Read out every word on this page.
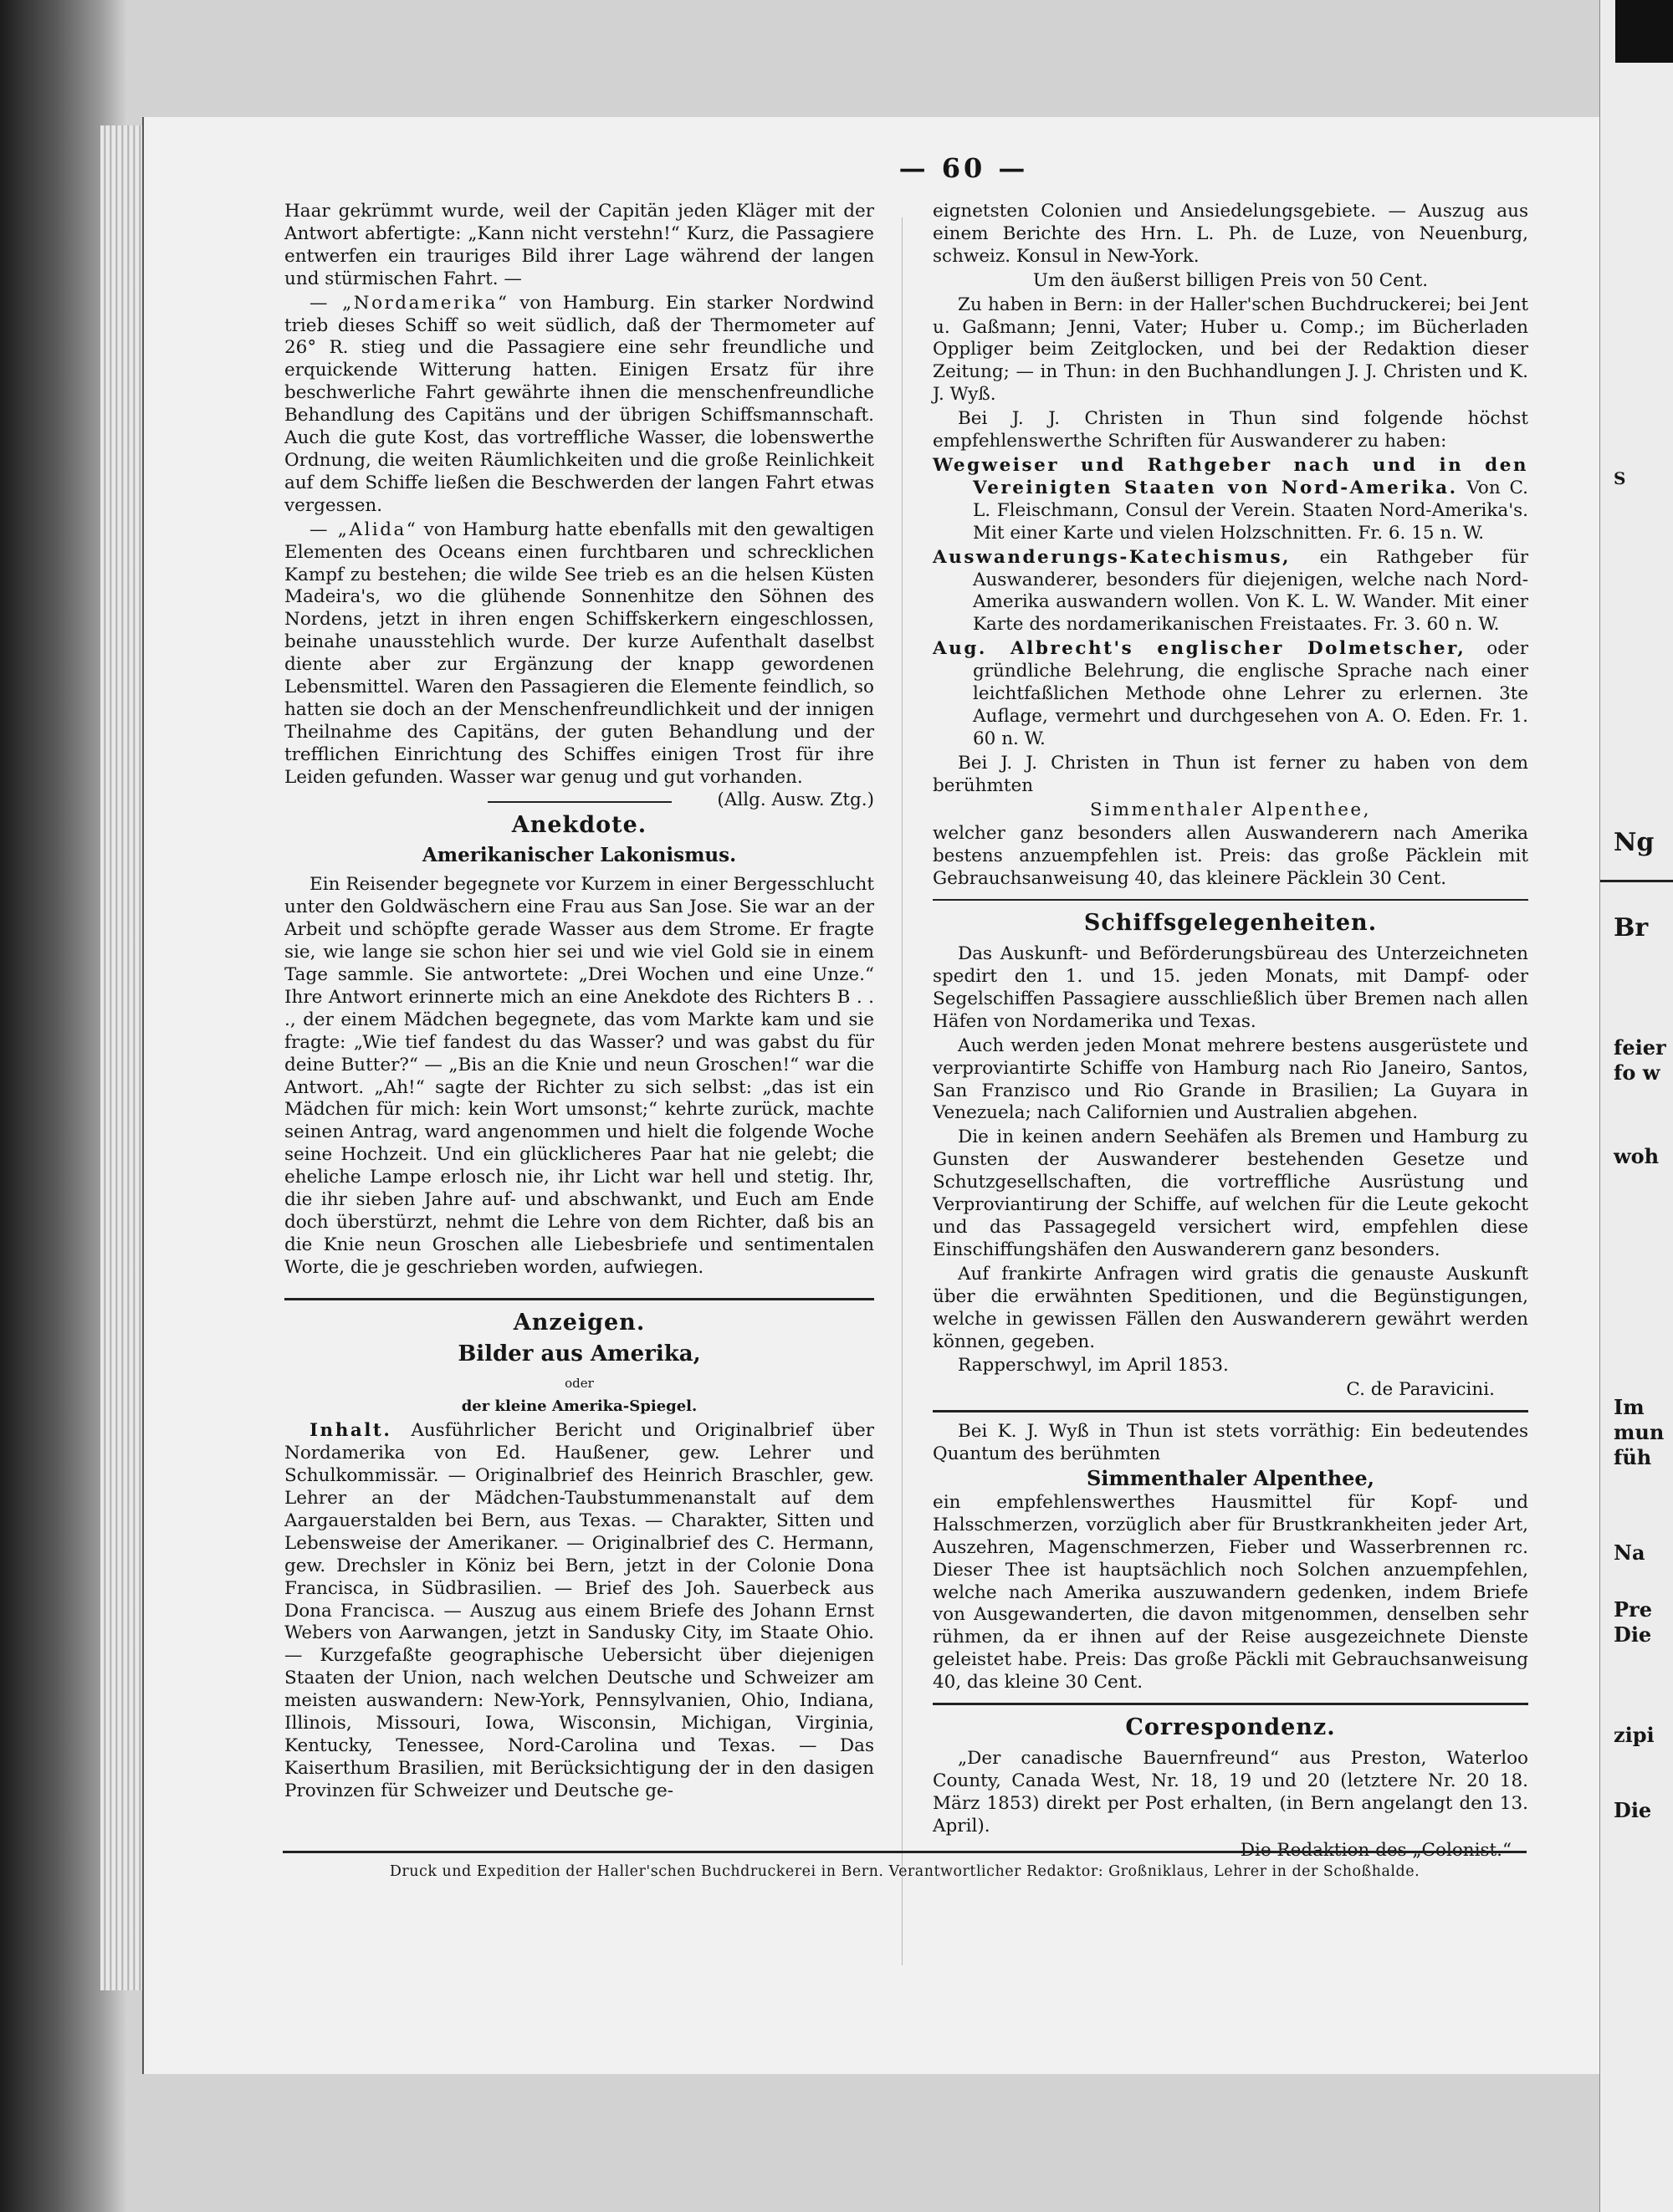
— 60 —

Haar gekrümmt wurde, weil der Capitän jeden Kläger mit der Antwort abfertigte: „Kann nicht verstehn!“ Kurz, die Passagiere entwerfen ein trauriges Bild ihrer Lage während der langen und stürmischen Fahrt. —

— „Nordamerika“ von Hamburg. Ein starker Nordwind trieb dieses Schiff so weit südlich, daß der Thermometer auf 26° R. stieg und die Passagiere eine sehr freundliche und erquickende Witterung hatten. Einigen Ersatz für ihre beschwerliche Fahrt gewährte ihnen die menschenfreundliche Behandlung des Capitäns und der übrigen Schiffsmannschaft. Auch die gute Kost, das vortreffliche Wasser, die lobenswerthe Ordnung, die weiten Räumlichkeiten und die große Reinlichkeit auf dem Schiffe ließen die Beschwerden der langen Fahrt etwas vergessen.

— „Alida“ von Hamburg hatte ebenfalls mit den gewaltigen Elementen des Oceans einen furchtbaren und schrecklichen Kampf zu bestehen; die wilde See trieb es an die helsen Küsten Madeira's, wo die glühende Sonnenhitze den Söhnen des Nordens, jetzt in ihren engen Schiffskerkern eingeschlossen, beinahe unausstehlich wurde. Der kurze Aufenthalt daselbst diente aber zur Ergänzung der knapp gewordenen Lebensmittel. Waren den Passagieren die Elemente feindlich, so hatten sie doch an der Menschenfreundlichkeit und der innigen Theilnahme des Capitäns, der guten Behandlung und der trefflichen Einrichtung des Schiffes einigen Trost für ihre Leiden gefunden. Wasser war genug und gut vorhanden.
(Allg. Ausw. Ztg.)

Anekdote.
Amerikanischer Lakonismus.

Ein Reisender begegnete vor Kurzem in einer Bergesschlucht unter den Goldwäschern eine Frau aus San Jose. Sie war an der Arbeit und schöpfte gerade Wasser aus dem Strome. Er fragte sie, wie lange sie schon hier sei und wie viel Gold sie in einem Tage sammle. Sie antwortete: „Drei Wochen und eine Unze.“ Ihre Antwort erinnerte mich an eine Anekdote des Richters B . . ., der einem Mädchen begegnete, das vom Markte kam und sie fragte: „Wie tief fandest du das Wasser? und was gabst du für deine Butter?“ — „Bis an die Knie und neun Groschen!“ war die Antwort. „Ah!“ sagte der Richter zu sich selbst: „das ist ein Mädchen für mich: kein Wort umsonst;“ kehrte zurück, machte seinen Antrag, ward angenommen und hielt die folgende Woche seine Hochzeit. Und ein glücklicheres Paar hat nie gelebt; die eheliche Lampe erlosch nie, ihr Licht war hell und stetig. Ihr, die ihr sieben Jahre auf- und abschwankt, und Euch am Ende doch überstürzt, nehmt die Lehre von dem Richter, daß bis an die Knie neun Groschen alle Liebesbriefe und sentimentalen Worte, die je geschrieben worden, aufwiegen.

Anzeigen.
Bilder aus Amerika,

oder

der kleine Amerika-Spiegel.

Inhalt. Ausführlicher Bericht und Originalbrief über Nordamerika von Ed. Haußener, gew. Lehrer und Schulkommissär. — Originalbrief des Heinrich Braschler, gew. Lehrer an der Mädchen-Taubstummenanstalt auf dem Aargauerstalden bei Bern, aus Texas. — Charakter, Sitten und Lebensweise der Amerikaner. — Originalbrief des C. Hermann, gew. Drechsler in Köniz bei Bern, jetzt in der Colonie Dona Francisca, in Südbrasilien. — Brief des Joh. Sauerbeck aus Dona Francisca. — Auszug aus einem Briefe des Johann Ernst Webers von Aarwangen, jetzt in Sandusky City, im Staate Ohio. — Kurzgefaßte geographische Uebersicht über diejenigen Staaten der Union, nach welchen Deutsche und Schweizer am meisten auswandern: New-York, Pennsylvanien, Ohio, Indiana, Illinois, Missouri, Iowa, Wisconsin, Michigan, Virginia, Kentucky, Tenessee, Nord-Carolina und Texas. — Das Kaiserthum Brasilien, mit Berücksichtigung der in den dasigen Provinzen für Schweizer und Deutsche ge-

eignetsten Colonien und Ansiedelungsgebiete. — Auszug aus einem Berichte des Hrn. L. Ph. de Luze, von Neuenburg, schweiz. Konsul in New-York.

Um den äußerst billigen Preis von 50 Cent.

Zu haben in Bern: in der Haller'schen Buchdruckerei; bei Jent u. Gaßmann; Jenni, Vater; Huber u. Comp.; im Bücherladen Oppliger beim Zeitglocken, und bei der Redaktion dieser Zeitung; — in Thun: in den Buchhandlungen J. J. Christen und K. J. Wyß.

Bei J. J. Christen in Thun sind folgende höchst empfehlenswerthe Schriften für Auswanderer zu haben:

Wegweiser und Rathgeber nach und in den Vereinigten Staaten von Nord-Amerika. Von C. L. Fleischmann, Consul der Verein. Staaten Nord-Amerika's. Mit einer Karte und vielen Holzschnitten. Fr. 6. 15 n. W.

Auswanderungs-Katechismus, ein Rathgeber für Auswanderer, besonders für diejenigen, welche nach Nord-Amerika auswandern wollen. Von K. L. W. Wander. Mit einer Karte des nordamerikanischen Freistaates. Fr. 3. 60 n. W.

Aug. Albrecht's englischer Dolmetscher, oder gründliche Belehrung, die englische Sprache nach einer leichtfaßlichen Methode ohne Lehrer zu erlernen. 3te Auflage, vermehrt und durchgesehen von A. O. Eden. Fr. 1. 60 n. W.

Bei J. J. Christen in Thun ist ferner zu haben von dem berühmten

Simmenthaler Alpenthee,

welcher ganz besonders allen Auswanderern nach Amerika bestens anzuempfehlen ist. Preis: das große Päcklein mit Gebrauchsanweisung 40, das kleinere Päcklein 30 Cent.

Schiffsgelegenheiten.

Das Auskunft- und Beförderungsbüreau des Unterzeichneten spedirt den 1. und 15. jeden Monats, mit Dampf- oder Segelschiffen Passagiere ausschließlich über Bremen nach allen Häfen von Nordamerika und Texas.

Auch werden jeden Monat mehrere bestens ausgerüstete und verproviantirte Schiffe von Hamburg nach Rio Janeiro, Santos, San Franzisco und Rio Grande in Brasilien; La Guyara in Venezuela; nach Californien und Australien abgehen.

Die in keinen andern Seehäfen als Bremen und Hamburg zu Gunsten der Auswanderer bestehenden Gesetze und Schutzgesellschaften, die vortreffliche Ausrüstung und Verproviantirung der Schiffe, auf welchen für die Leute gekocht und das Passagegeld versichert wird, empfehlen diese Einschiffungshäfen den Auswanderern ganz besonders.

Auf frankirte Anfragen wird gratis die genauste Auskunft über die erwähnten Speditionen, und die Begünstigungen, welche in gewissen Fällen den Auswanderern gewährt werden können, gegeben.

Rapperschwyl, im April 1853.

C. de Paravicini.

Bei K. J. Wyß in Thun ist stets vorräthig: Ein bedeutendes Quantum des berühmten

Simmenthaler Alpenthee,

ein empfehlenswerthes Hausmittel für Kopf- und Halsschmerzen, vorzüglich aber für Brustkrankheiten jeder Art, Auszehren, Magenschmerzen, Fieber und Wasserbrennen rc. Dieser Thee ist hauptsächlich noch Solchen anzuempfehlen, welche nach Amerika auszuwandern gedenken, indem Briefe von Ausgewanderten, die davon mitgenommen, denselben sehr rühmen, da er ihnen auf der Reise ausgezeichnete Dienste geleistet habe. Preis: Das große Päckli mit Gebrauchsanweisung 40, das kleine 30 Cent.

Correspondenz.

„Der canadische Bauernfreund“ aus Preston, Waterloo County, Canada West, Nr. 18, 19 und 20 (letztere Nr. 20 18. März 1853) direkt per Post erhalten, (in Bern angelangt den 13. April).

Die Redaktion des „Colonist.“

Druck und Expedition der Haller'schen Buchdruckerei in Bern. Verantwortlicher Redaktor: Großniklaus, Lehrer in der Schoßhalde.
S
Ng
Br
feier
fo w
woh
Im
mun
füh
Na
Pre
Die
zipi
Die
